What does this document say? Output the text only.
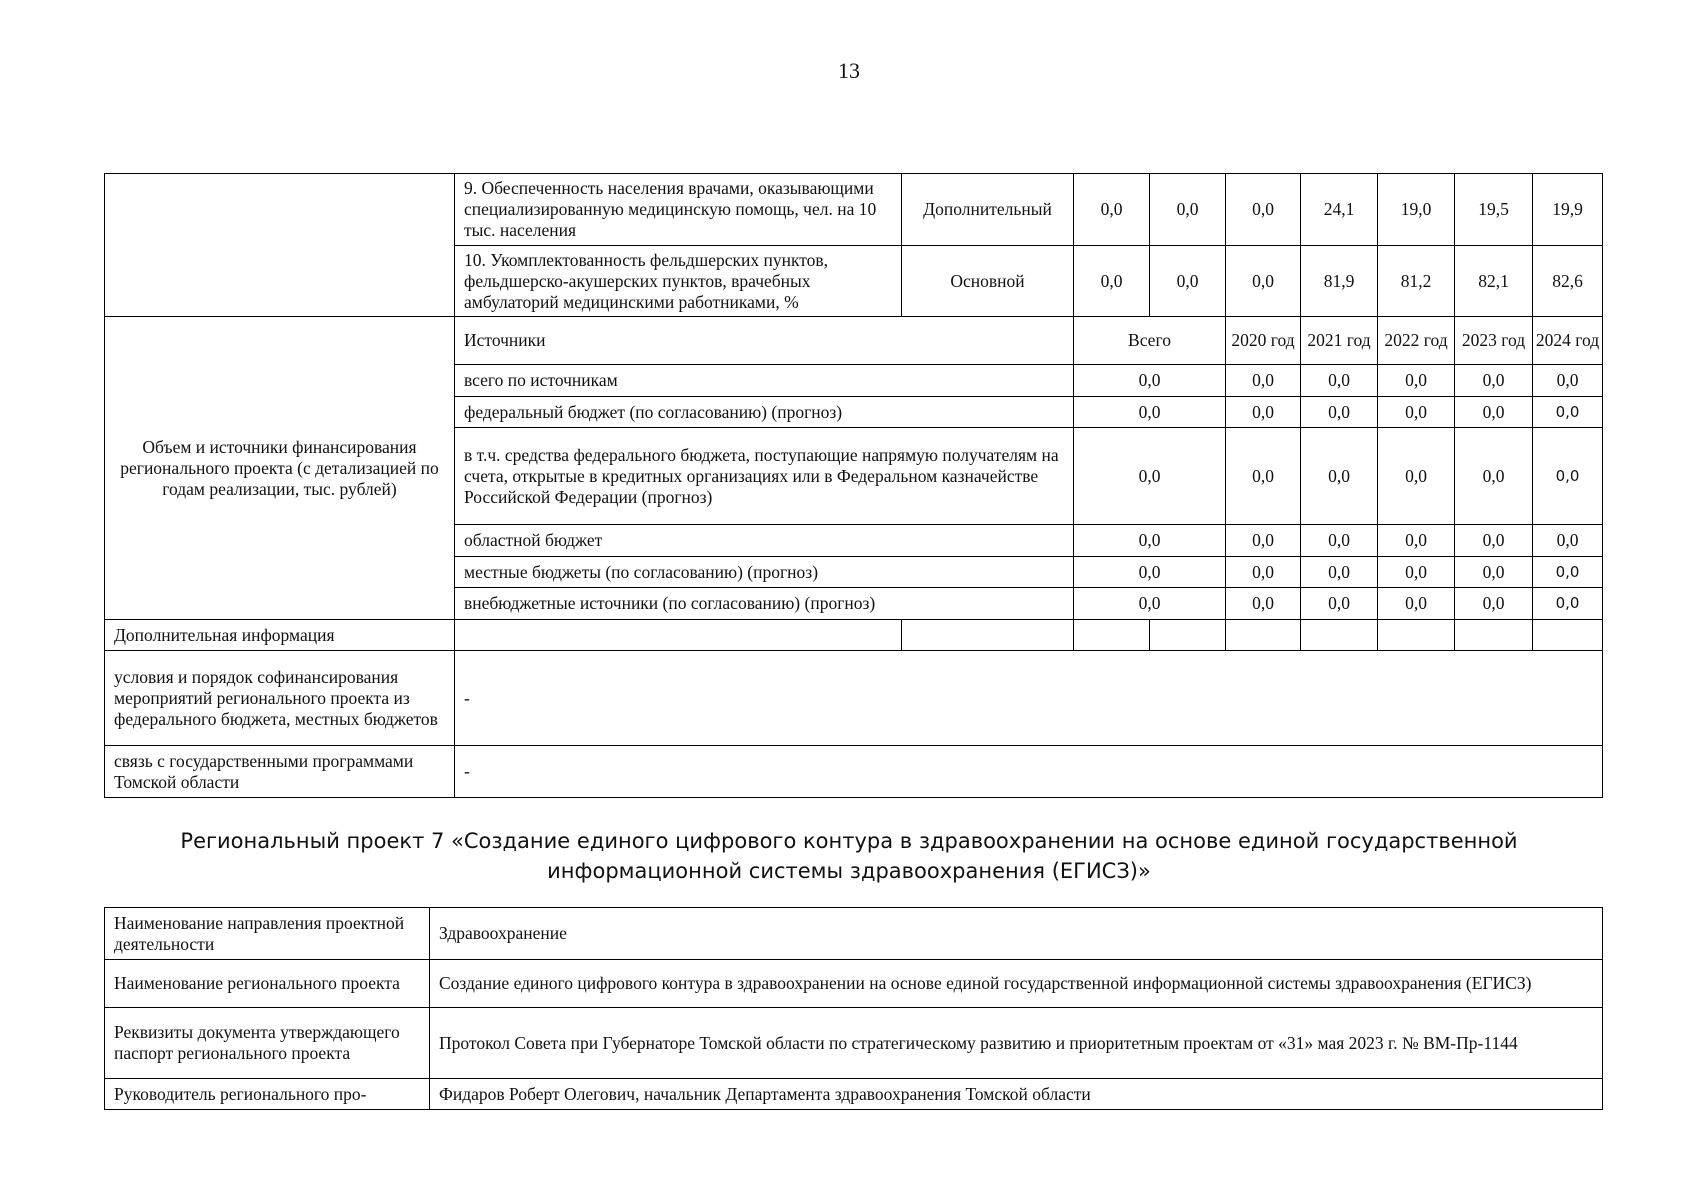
13
	9. Обеспеченность населения врачами, оказывающими специализированную медицинскую помощь, чел. на 10 тыс. населения	Дополнительный	0,0	0,0	0,0	24,1	19,0	19,5	19,9
	10. Укомплектованность фельдшерских пунктов, фельдшерско-акушерских пунктов, врачебных амбулаторий медицинскими работниками, %	Основной	0,0	0,0	0,0	81,9	81,2	82,1	82,6
Объем и источники финансирования регионального проекта (с детализацией по годам реализации, тыс. рублей)	Источники		Всего		2020 год	2021 год	2022 год	2023 год	2024 год
	всего по источникам		0,0		0,0	0,0	0,0	0,0	0,0
	федеральный бюджет (по согласованию) (прогноз)		0,0		0,0	0,0	0,0	0,0	0,0
	в т.ч. средства федерального бюджета, поступающие напрямую получателям на счета, открытые в кредитных организациях или в Федеральном казначействе Российской Федерации (прогноз)		0,0		0,0	0,0	0,0	0,0	0,0
	областной бюджет		0,0		0,0	0,0	0,0	0,0	0,0
	местные бюджеты (по согласованию) (прогноз)		0,0		0,0	0,0	0,0	0,0	0,0
	внебюджетные источники (по согласованию) (прогноз)		0,0		0,0	0,0	0,0	0,0	0,0
Дополнительная информация									
условия и порядок софинансирования мероприятий регионального проекта из федерального бюджета, местных бюджетов	-								
связь с государственными программами Томской области	-								
Региональный проект 7 «Создание единого цифрового контура в здравоохранении на основе единой государственной
информационной системы здравоохранения (ЕГИСЗ)»
Наименование направления проектной деятельности	Здравоохранение
Наименование регионального проекта	Создание единого цифрового контура в здравоохранении на основе единой государственной информационной системы здравоохранения (ЕГИСЗ)
Реквизиты документа утверждающего паспорт регионального проекта	Протокол Совета при Губернаторе Томской области по стратегическому развитию и приоритетным проектам от «31» мая 2023 г. № ВМ-Пр-1144
Руководитель регионального про-	Фидаров Роберт Олегович, начальник Департамента здравоохранения Томской области
